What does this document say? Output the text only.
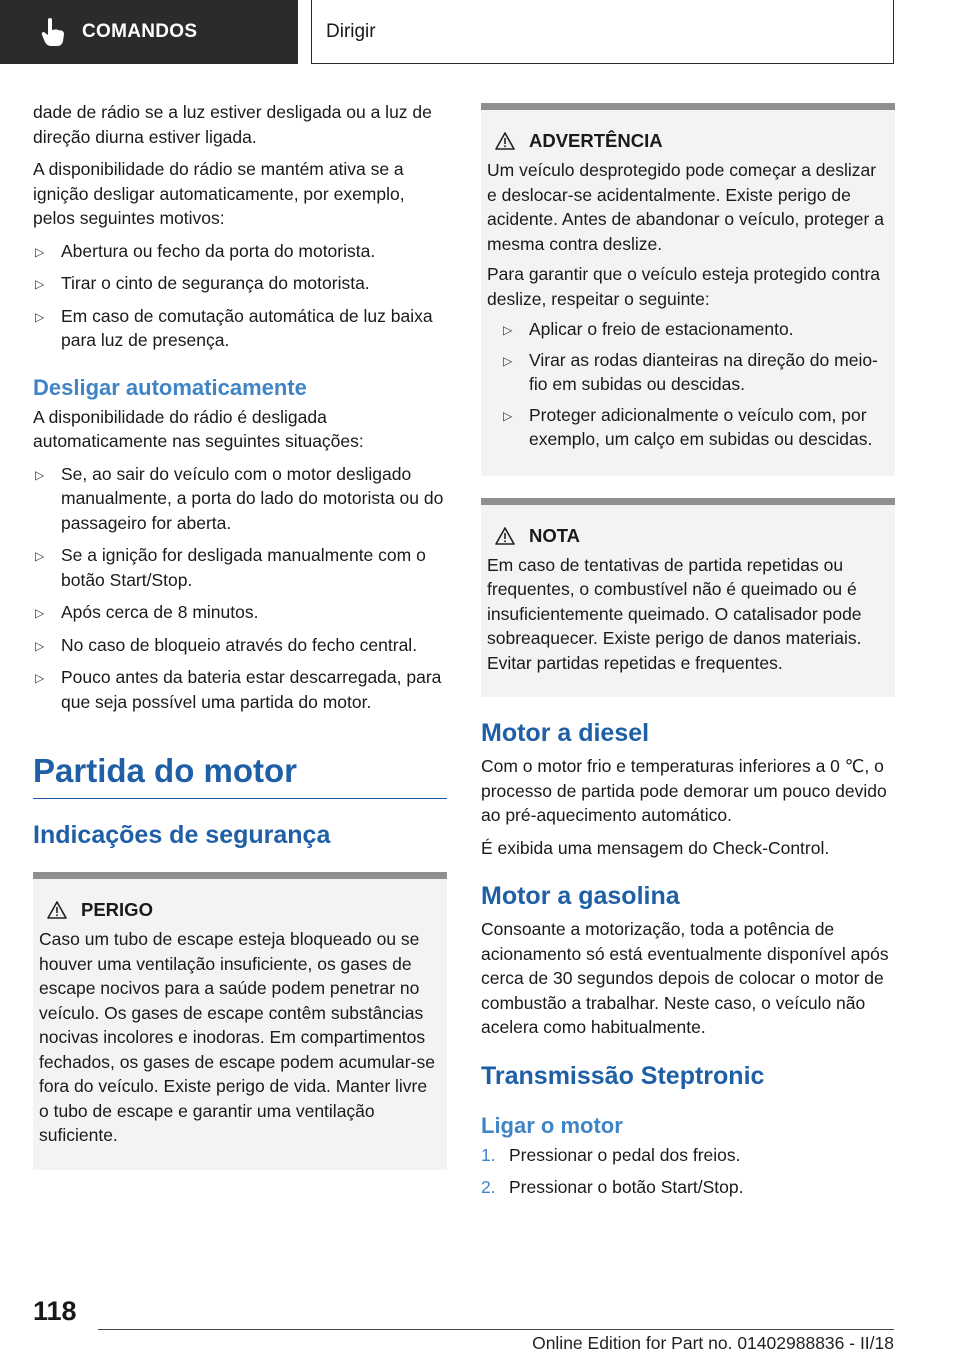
COMANDOS	Dirigir

dade de rádio se a luz estiver desligada ou a luz de direção diurna estiver ligada.

A disponibilidade do rádio se mantém ativa se a ignição desligar automaticamente, por exemplo, pelos seguintes motivos:

▷ Abertura ou fecho da porta do motorista.
▷ Tirar o cinto de segurança do motorista.
▷ Em caso de comutação automática de luz baixa para luz de presença.
Desligar automaticamente

A disponibilidade do rádio é desligada automaticamente nas seguintes situações:

▷ Se, ao sair do veículo com o motor desligado manualmente, a porta do lado do motorista ou do passageiro for aberta.
▷ Se a ignição for desligada manualmente com o botão Start/Stop.
▷ Após cerca de 8 minutos.
▷ No caso de bloqueio através do fecho central.
▷ Pouco antes da bateria estar descarregada, para que seja possível uma partida do motor.
Partida do motor
Indicações de segurança
PERIGO

Caso um tubo de escape esteja bloqueado ou se houver uma ventilação insuficiente, os gases de escape nocivos para a saúde podem penetrar no veículo. Os gases de escape contêm substâncias nocivas incolores e inodoras. Em compartimentos fechados, os gases de escape podem acumular-se fora do veículo. Existe perigo de vida. Manter livre o tubo de escape e garantir uma ventilação suficiente.

ADVERTÊNCIA

Um veículo desprotegido pode começar a deslizar e deslocar-se acidentalmente. Existe perigo de acidente. Antes de abandonar o veículo, proteger a mesma contra deslize.

Para garantir que o veículo esteja protegido contra deslize, respeitar o seguinte:

▷ Aplicar o freio de estacionamento.
▷ Virar as rodas dianteiras na direção do meio-fio em subidas ou descidas.
▷ Proteger adicionalmente o veículo com, por exemplo, um calço em subidas ou descidas.
NOTA

Em caso de tentativas de partida repetidas ou frequentes, o combustível não é queimado ou é insuficientemente queimado. O catalisador pode sobreaquecer. Existe perigo de danos materiais. Evitar partidas repetidas e frequentes.

Motor a diesel

Com o motor frio e temperaturas inferiores a 0 ℃, o processo de partida pode demorar um pouco devido ao pré-aquecimento automático.

É exibida uma mensagem do Check-Control.

Motor a gasolina

Consoante a motorização, toda a potência de acionamento só está eventualmente disponível após cerca de 30 segundos depois de colocar o motor de combustão a trabalhar. Neste caso, o veículo não acelera como habitualmente.

Transmissão Steptronic
Ligar o motor
1. Pressionar o pedal dos freios.
2. Pressionar o botão Start/Stop.
118
Online Edition for Part no. 01402988836 - II/18
